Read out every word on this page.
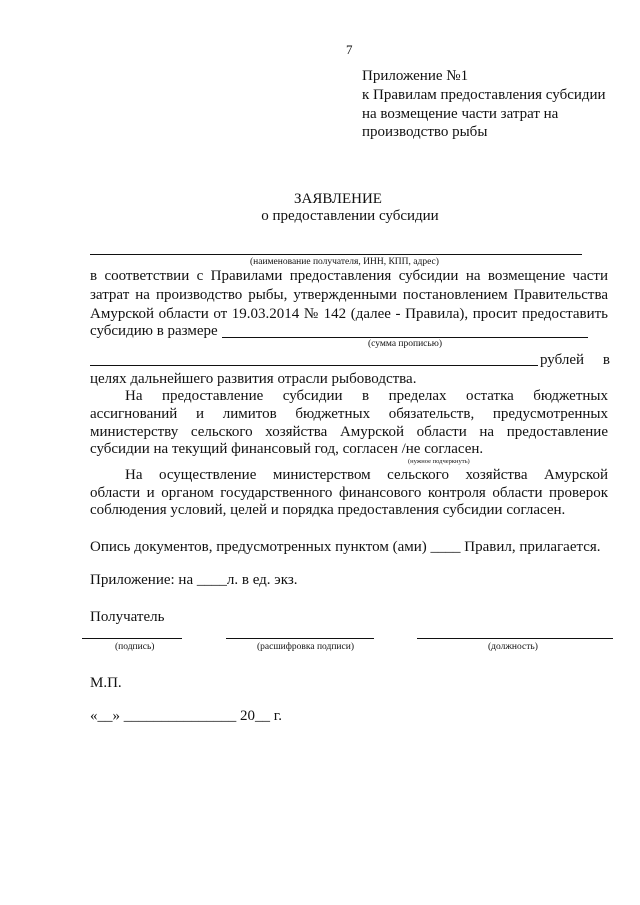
7
Приложение №1
к Правилам предоставления субсидии
на возмещение части затрат на
производство рыбы
ЗАЯВЛЕНИЕ
о предоставлении субсидии
(наименование получателя, ИНН, КПП, адрес)
в соответствии с Правилами предоставления субсидии на возмещение части
затрат на производство рыбы, утвержденными постановлением Правительства
Амурской области от 19.03.2014 № 142 (далее - Правила), просит предоставить
субсидию в размере
(сумма прописью)
рублей в
целях дальнейшего развития отрасли рыбоводства.
На предоставление субсидии в пределах остатка бюджетных
ассигнований и лимитов бюджетных обязательств, предусмотренных
министерству сельского хозяйства Амурской области на предоставление
субсидии на текущий финансовый год, согласен /не согласен.
(нужное подчеркнуть)
На осуществление министерством сельского хозяйства Амурской
области и органом государственного финансового контроля области проверок
соблюдения условий, целей и порядка предоставления субсидии согласен.
Опись документов, предусмотренных пунктом (ами) ____ Правил, прилагается.
Приложение: на ____л. в ед. экз.
Получатель
(подпись)	(расшифровка подписи)	(должность)
М.П.
«__» _______________ 20__ г.
